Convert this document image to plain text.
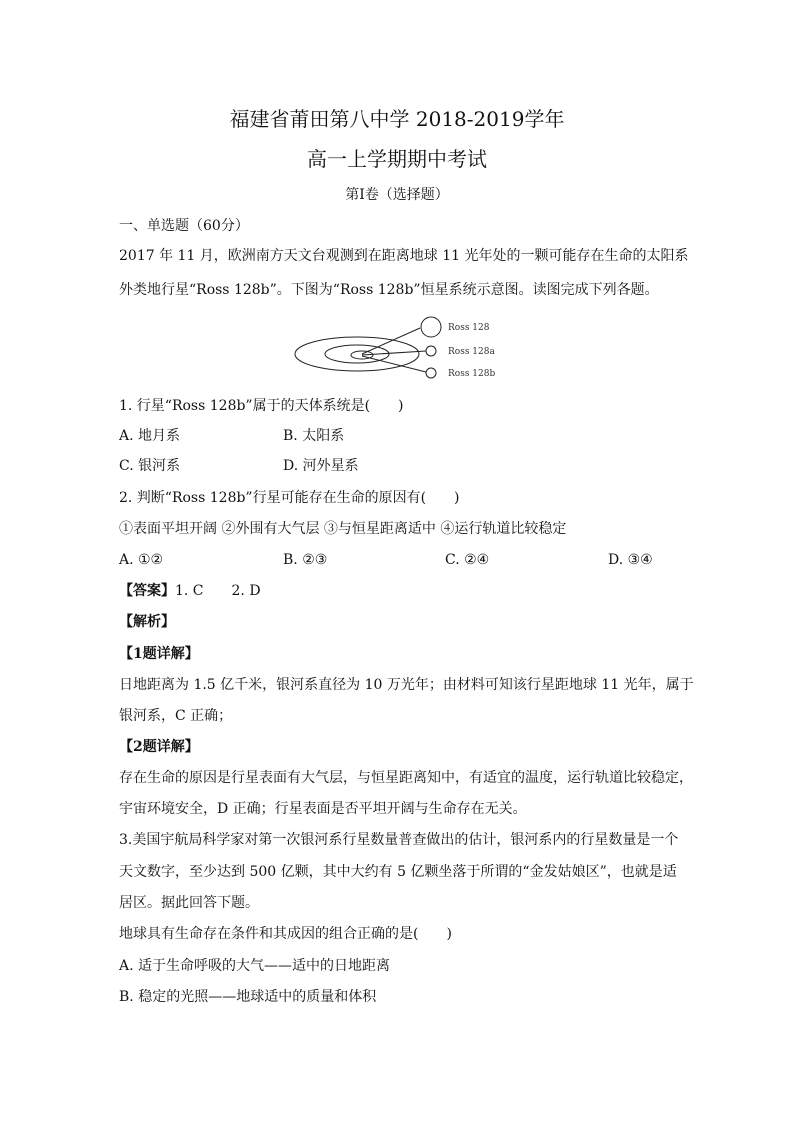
福建省莆田第八中学 2018-2019学年
高一上学期期中考试
第I卷（选择题）
一、单选题（60分）
2017 年 11 月，欧洲南方天文台观测到在距离地球 11 光年处的一颗可能存在生命的太阳系
外类地行星“Ross 128b”。下图为“Ross 128b”恒星系统示意图。读图完成下列各题。
Ross 128
Ross 128a
Ross 128b
1. 行星“Ross 128b”属于的天体系统是(　　)
A. 地月系	B. 太阳系
C. 银河系	D. 河外星系
2. 判断“Ross 128b”行星可能存在生命的原因有(　　)
①表面平坦开阔 ②外围有大气层 ③与恒星距离适中 ④运行轨道比较稳定
A. ①②	B. ②③	C. ②④	D. ③④
【答案】1. C　　2. D
【解析】
【1题详解】
日地距离为 1.5 亿千米，银河系直径为 10 万光年；由材料可知该行星距地球 11 光年，属于
银河系，C 正确；
【2题详解】
存在生命的原因是行星表面有大气层，与恒星距离知中，有适宜的温度，运行轨道比较稳定，
宇宙环境安全，D 正确；行星表面是否平坦开阔与生命存在无关。
3.美国宇航局科学家对第一次银河系行星数量普查做出的估计，银河系内的行星数量是一个
天文数字，至少达到 500 亿颗，其中大约有 5 亿颗坐落于所谓的“金发姑娘区”，也就是适
居区。据此回答下题。
地球具有生命存在条件和其成因的组合正确的是(　　)
A. 适于生命呼吸的大气——适中的日地距离
B. 稳定的光照——地球适中的质量和体积
